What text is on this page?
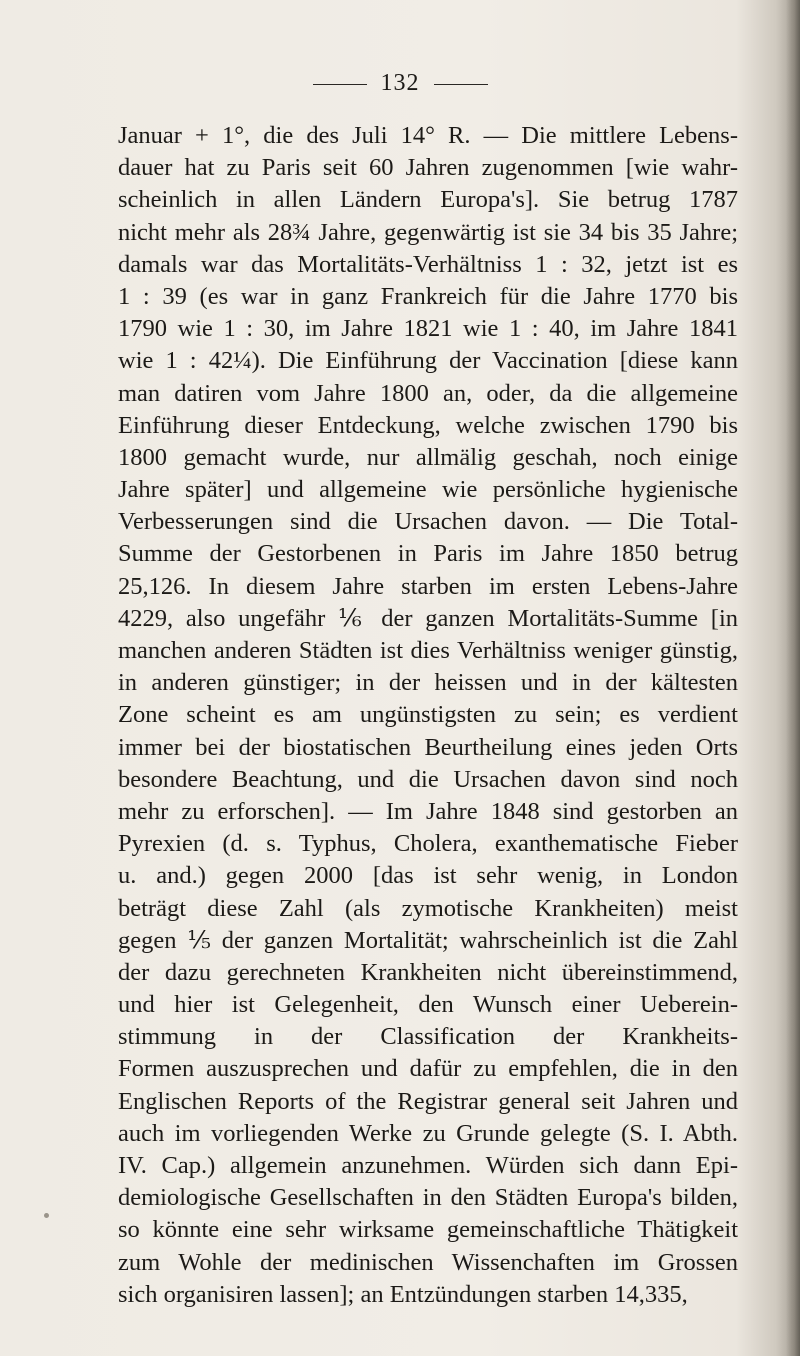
132
Januar + 1°, die des Juli 14° R. — Die mittlere Lebens-
dauer hat zu Paris seit 60 Jahren zugenommen [wie wahr-
scheinlich in allen Ländern Europa's]. Sie betrug 1787
nicht mehr als 28¾ Jahre, gegenwärtig ist sie 34 bis 35 Jahre;
damals war das Mortalitäts-Verhältniss 1 : 32, jetzt ist es
1 : 39 (es war in ganz Frankreich für die Jahre 1770 bis
1790 wie 1 : 30, im Jahre 1821 wie 1 : 40, im Jahre 1841
wie 1 : 42¼). Die Einführung der Vaccination [diese kann
man datiren vom Jahre 1800 an, oder, da die allgemeine
Einführung dieser Entdeckung, welche zwischen 1790 bis
1800 gemacht wurde, nur allmälig geschah, noch einige
Jahre später] und allgemeine wie persönliche hygienische
Verbesserungen sind die Ursachen davon. — Die Total-
Summe der Gestorbenen in Paris im Jahre 1850 betrug
25,126. In diesem Jahre starben im ersten Lebens-Jahre
4229, also ungefähr ⅙ der ganzen Mortalitäts-Summe [in
manchen anderen Städten ist dies Verhältniss weniger günstig,
in anderen günstiger; in der heissen und in der kältesten
Zone scheint es am ungünstigsten zu sein; es verdient
immer bei der biostatischen Beurtheilung eines jeden Orts
besondere Beachtung, und die Ursachen davon sind noch
mehr zu erforschen]. — Im Jahre 1848 sind gestorben an
Pyrexien (d. s. Typhus, Cholera, exanthematische Fieber
u. and.) gegen 2000 [das ist sehr wenig, in London
beträgt diese Zahl (als zymotische Krankheiten) meist
gegen ⅕ der ganzen Mortalität; wahrscheinlich ist die Zahl
der dazu gerechneten Krankheiten nicht übereinstimmend,
und hier ist Gelegenheit, den Wunsch einer Ueberein-
stimmung in der Classification der Krankheits-
Formen auszusprechen und dafür zu empfehlen, die in den
Englischen Reports of the Registrar general seit Jahren und
auch im vorliegenden Werke zu Grunde gelegte (S. I. Abth.
IV. Cap.) allgemein anzunehmen. Würden sich dann Epi-
demiologische Gesellschaften in den Städten Europa's bilden,
so könnte eine sehr wirksame gemeinschaftliche Thätigkeit
zum Wohle der medinischen Wissenchaften im Grossen
sich organisiren lassen]; an Entzündungen starben 14,335,
